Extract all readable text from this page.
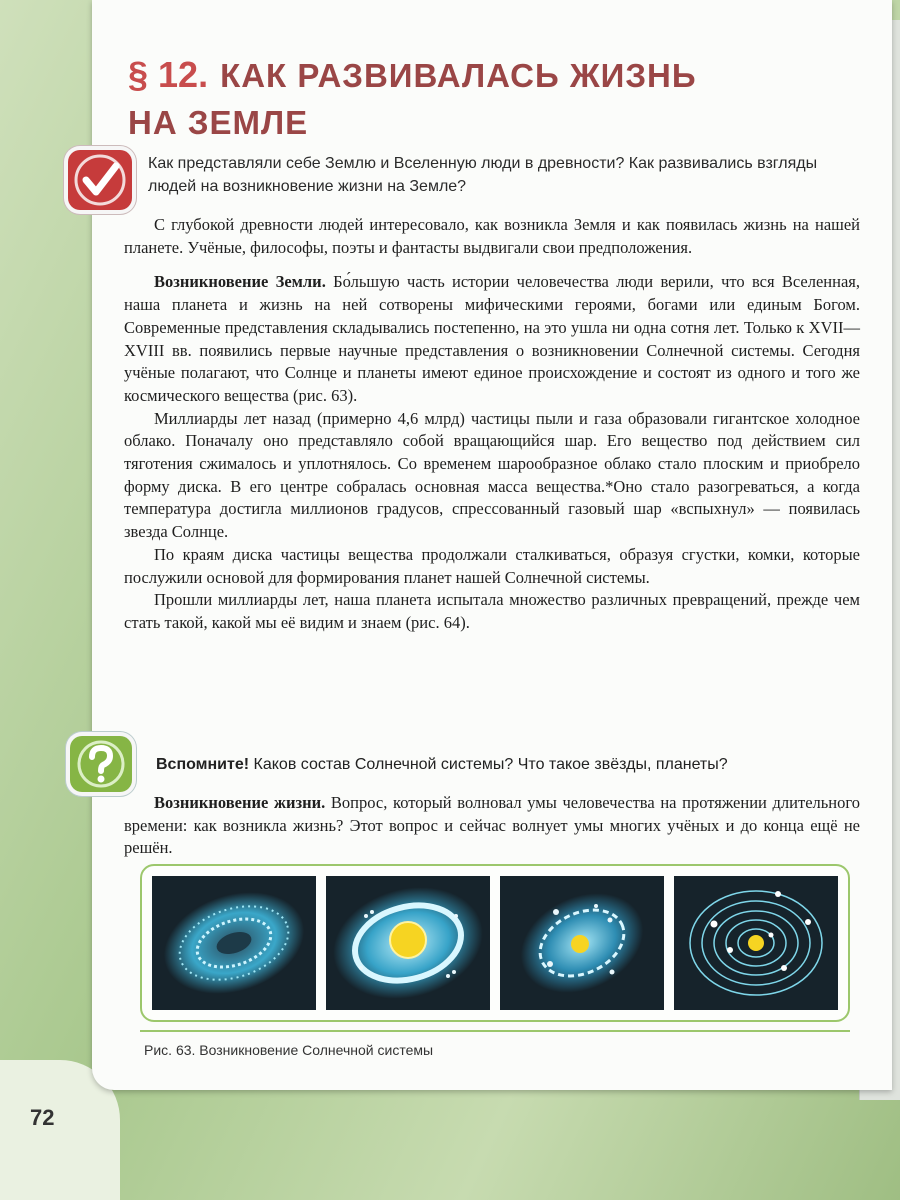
72
§ 12. КАК РАЗВИВАЛАСЬ ЖИЗНЬ
НА ЗЕМЛЕ
Как представляли себе Землю и Вселенную люди в древности? Как развивались взгляды людей на возникновение жизни на Земле?

С глубокой древности людей интересовало, как возникла Земля и как появилась жизнь на нашей планете. Учёные, философы, поэты и фантасты выдвигали свои предположения.

Возникновение Земли. Бо́льшую часть истории человечества люди верили, что вся Вселенная, наша планета и жизнь на ней сотворены мифическими героями, богами или единым Богом. Современные представления складывались постепенно, на это ушла ни одна сотня лет. Только к XVII—XVIII вв. появились первые научные представления о возникновении Солнечной системы. Сегодня учёные полагают, что Солнце и планеты имеют единое происхождение и состоят из одного и того же космического вещества (рис. 63).

Миллиарды лет назад (примерно 4,6 млрд) частицы пыли и газа образовали гигантское холодное облако. Поначалу оно представляло собой вращающийся шар. Его вещество под действием сил тяготения сжималось и уплотнялось. Со временем шарообразное облако стало плоским и приобрело форму диска. В его центре собралась основная масса вещества.*Оно стало разогреваться, а когда температура достигла миллионов градусов, спрессованный газовый шар «вспыхнул» — появилась звезда Солнце.

По краям диска частицы вещества продолжали сталкиваться, образуя сгустки, комки, которые послужили основой для формирования планет нашей Солнечной системы.

Прошли миллиарды лет, наша планета испытала множество различных превращений, прежде чем стать такой, какой мы её видим и знаем (рис. 64).

Вспомните! Каков состав Солнечной системы? Что такое звёзды, планеты?

Возникновение жизни. Вопрос, который волновал умы человечества на протяжении длительного времени: как возникла жизнь? Этот вопрос и сейчас волнует умы многих учёных и до конца ещё не решён.

Рис. 63. Возникновение Солнечной системы
